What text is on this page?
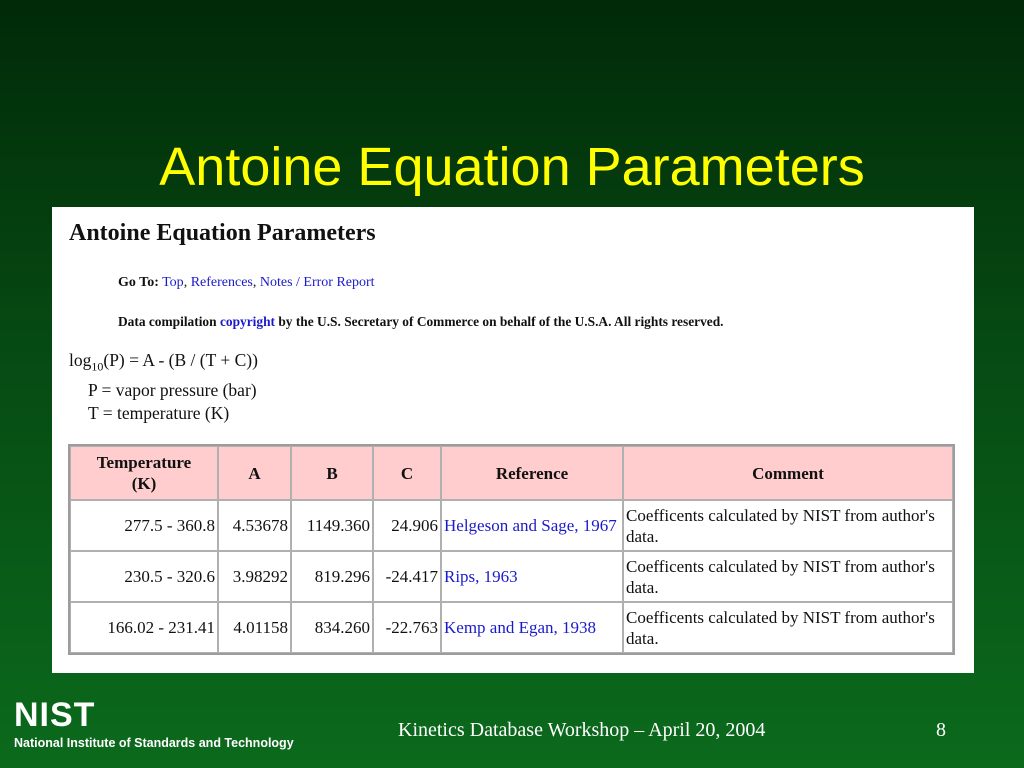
Antoine Equation Parameters
Antoine Equation Parameters
Go To: Top, References, Notes / Error Report
Data compilation copyright by the U.S. Secretary of Commerce on behalf of the U.S.A. All rights reserved.
$\log_{10}(P) = A - (B / (T + C))$
P = vapor pressure (bar)
T = temperature (K)
Temperature
(K)	A	B	C	Reference	Comment
277.5 - 360.8	4.53678	1149.360	24.906	Helgeson and Sage, 1967	Coefficents calculated by NIST from author's data.
230.5 - 320.6	3.98292	819.296	-24.417	Rips, 1963	Coefficents calculated by NIST from author's data.
166.02 - 231.41	4.01158	834.260	-22.763	Kemp and Egan, 1938	Coefficents calculated by NIST from author's data.
NIST
National Institute of Standards and Technology
Kinetics Database Workshop – April 20, 2004	8
